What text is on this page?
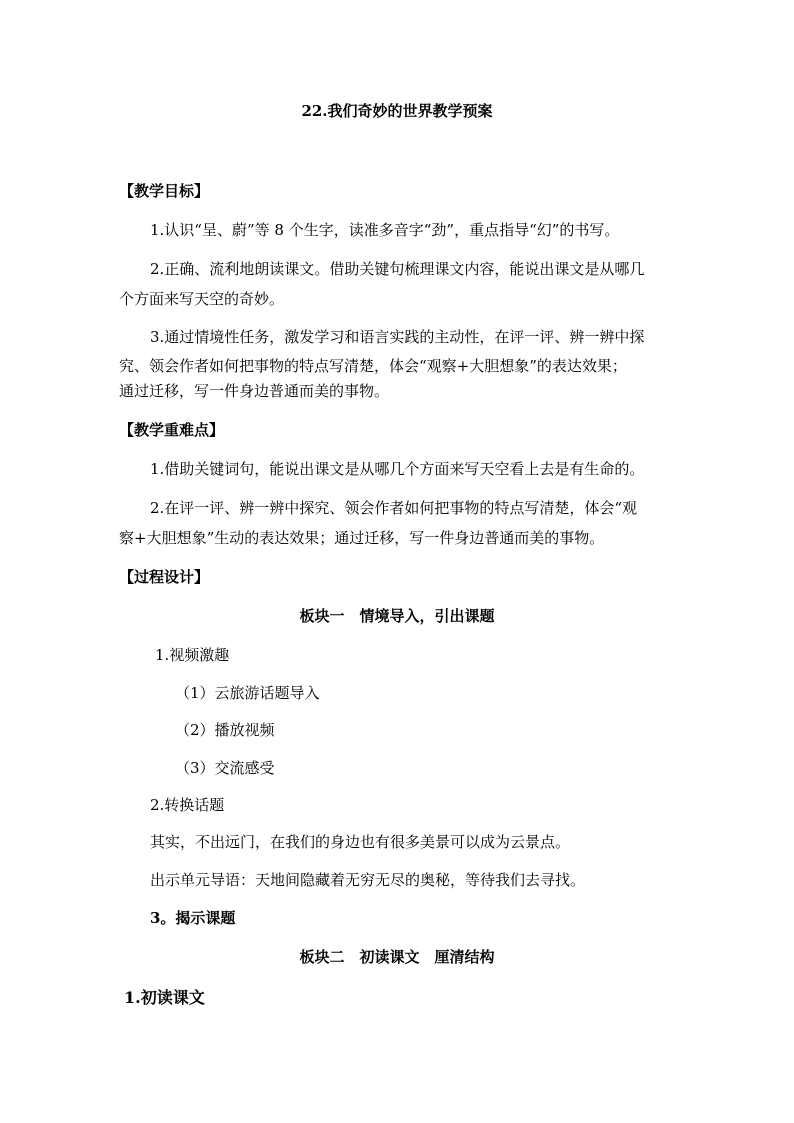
22.我们奇妙的世界教学预案
【教学目标】
1.认识“呈、蔚”等 8 个生字，读准多音字“劲”，重点指导“幻”的书写。
2.正确、流利地朗读课文。借助关键句梳理课文内容，能说出课文是从哪几
个方面来写天空的奇妙。
3.通过情境性任务，激发学习和语言实践的主动性，在评一评、辨一辨中探
究、领会作者如何把事物的特点写清楚，体会“观察+大胆想象”的表达效果；
通过迁移，写一件身边普通而美的事物。
【教学重难点】
1.借助关键词句，能说出课文是从哪几个方面来写天空看上去是有生命的。
2.在评一评、辨一辨中探究、领会作者如何把事物的特点写清楚，体会“观
察+大胆想象”生动的表达效果；通过迁移，写一件身边普通而美的事物。
【过程设计】
板块一　情境导入，引出课题
1.视频激趣
（1）云旅游话题导入
（2）播放视频
（3）交流感受
2.转换话题
其实，不出远门，在我们的身边也有很多美景可以成为云景点。
出示单元导语：天地间隐藏着无穷无尽的奥秘，等待我们去寻找。
3。揭示课题
板块二　初读课文　厘清结构
1.初读课文
